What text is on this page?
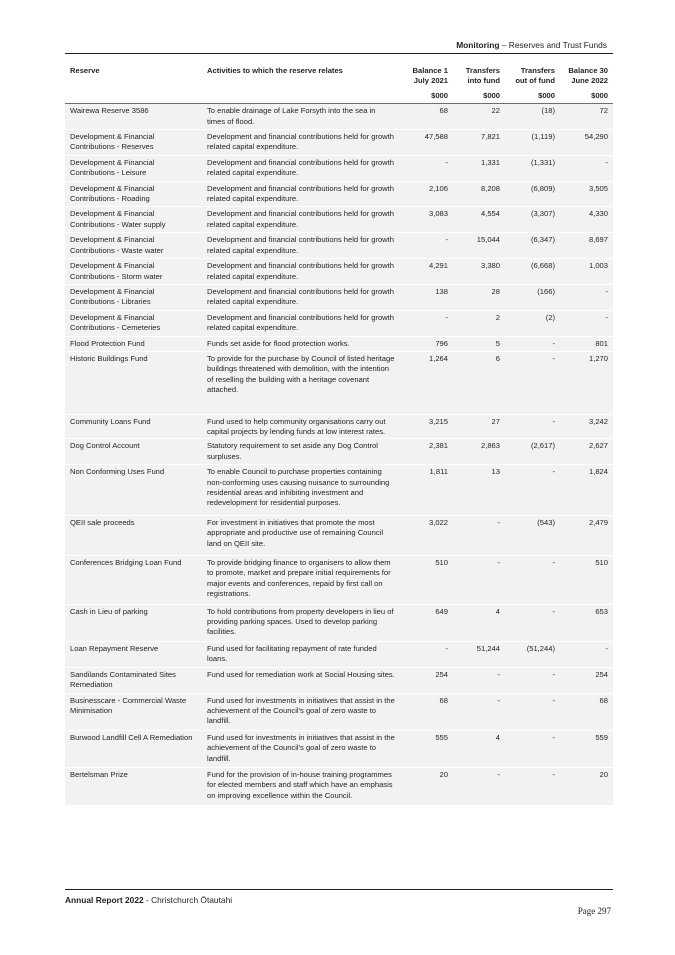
Monitoring – Reserves and Trust Funds
Reserve	Activities to which the reserve relates	Balance 1 July 2021	Transfers into fund	Transfers out of fund	Balance 30 June 2022
		$000	$000	$000	$000
Wairewa Reserve 3586	To enable drainage of Lake Forsyth into the sea in times of flood.	68	22	(18)	72
Development & Financial Contributions - Reserves	Development and financial contributions held for growth related capital expenditure.	47,588	7,821	(1,119)	54,290
Development & Financial Contributions - Leisure	Development and financial contributions held for growth related capital expenditure.	-	1,331	(1,331)	-
Development & Financial Contributions - Roading	Development and financial contributions held for growth related capital expenditure.	2,106	8,208	(6,809)	3,505
Development & Financial Contributions - Water supply	Development and financial contributions held for growth related capital expenditure.	3,083	4,554	(3,307)	4,330
Development & Financial Contributions - Waste water	Development and financial contributions held for growth related capital expenditure.	-	15,044	(6,347)	8,697
Development & Financial Contributions - Storm water	Development and financial contributions held for growth related capital expenditure.	4,291	3,380	(6,668)	1,003
Development & Financial Contributions - Libraries	Development and financial contributions held for growth related capital expenditure.	138	28	(166)	-
Development & Financial Contributions - Cemeteries	Development and financial contributions held for growth related capital expenditure.	-	2	(2)	-
Flood Protection Fund	Funds set aside for flood protection works.	796	5	-	801
Historic Buildings Fund	To provide for the purchase by Council of listed heritage buildings threatened with demolition, with the intention of reselling the building with a heritage covenant attached.	1,264	6	-	1,270
Community Loans Fund	Fund used to help community organisations carry out capital projects by lending funds at low interest rates.	3,215	27	-	3,242
Dog Control Account	Statutory requirement to set aside any Dog Control surpluses.	2,381	2,863	(2,617)	2,627
Non Conforming Uses Fund	To enable Council to purchase properties containing non-conforming uses causing nuisance to surrounding residential areas and inhibiting investment and redevelopment for residential purposes.	1,811	13	-	1,824
QEII sale proceeds	For investment in initiatives that promote the most appropriate and productive use of remaining Council land on QEII site.	3,022	-	(543)	2,479
Conferences Bridging Loan Fund	To provide bridging finance to organisers to allow them to promote, market and prepare initial requirements for major events and conferences, repaid by first call on registrations.	510	-	-	510
Cash in Lieu of parking	To hold contributions from property developers in lieu of providing parking spaces. Used to develop parking facilities.	649	4	-	653
Loan Repayment Reserve	Fund used for facilitating repayment of rate funded loans.	-	51,244	(51,244)	-
Sandilands Contaminated Sites Remediation	Fund used for remediation work at Social Housing sites.	254	-	-	254
Businesscare - Commercial Waste Minimisation	Fund used for investments in initiatives that assist in the achievement of the Council's goal of zero waste to landfill.	68	-	-	68
Burwood Landfill Cell A Remediation	Fund used for investments in initiatives that assist in the achievement of the Council's goal of zero waste to landfill.	555	4	-	559
Bertelsman Prize	Fund for the provision of in-house training programmes for elected members and staff which have an emphasis on improving excellence within the Council.	20	-	-	20
Annual Report 2022 - Christchurch Ōtautahi
Page 297
